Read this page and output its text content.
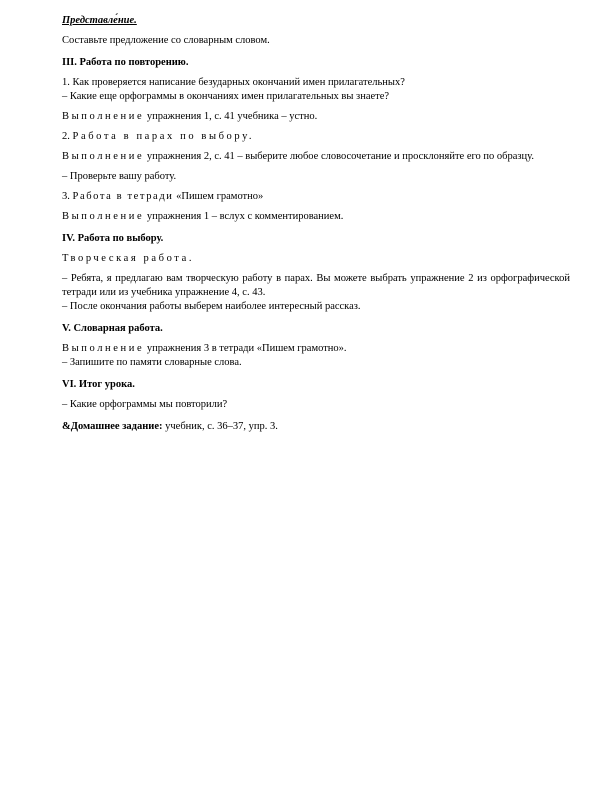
Представле́ние.

Составьте предложение со словарным словом.

III. Работа по повторению.

1. Как проверяется написание безударных окончаний имен прилагательных?

– Какие еще орфограммы в окончаниях имен прилагательных вы знаете?

Выполнение упражнения 1, с. 41 учебника – устно.

2. Работа в парах по выбору.

Выполнение упражнения 2, с. 41 – выберите любое словосочетание и просклоняйте его по образцу.

– Проверьте вашу работу.

3. Работа в тетради «Пишем грамотно»

Выполнение упражнения 1 – вслух с комментированием.

IV. Работа по выбору.

Творческая работа.

– Ребята, я предлагаю вам творческую работу в парах. Вы можете выбрать упражнение 2 из орфографической тетради или из учебника упражнение 4, с. 43.

– После окончания работы выберем наиболее интересный рассказ.

V. Словарная работа.

Выполнение упражнения 3 в тетради «Пишем грамотно».

– Запишите по памяти словарные слова.

VI. Итог урока.

– Какие орфограммы мы повторили?

&Домашнее задание: учебник, с. 36–37, упр. 3.
